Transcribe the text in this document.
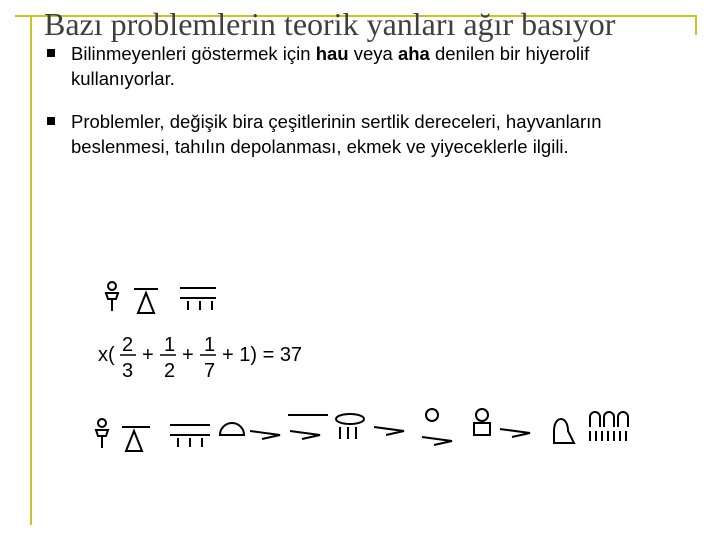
Bazı problemlerin teorik yanları ağır basıyor
Bilinmeyenleri göstermek için hau veya aha denilen bir hiyerolif kullanıyorlar.
Problemler, değişik bira çeşitlerinin sertlik dereceleri, hayvanların beslenmesi, tahılın depolanması, ekmek ve yiyeceklerle ilgili.
x( 2
3
+ 1
2
+ 1
7
+ 1) = 37
